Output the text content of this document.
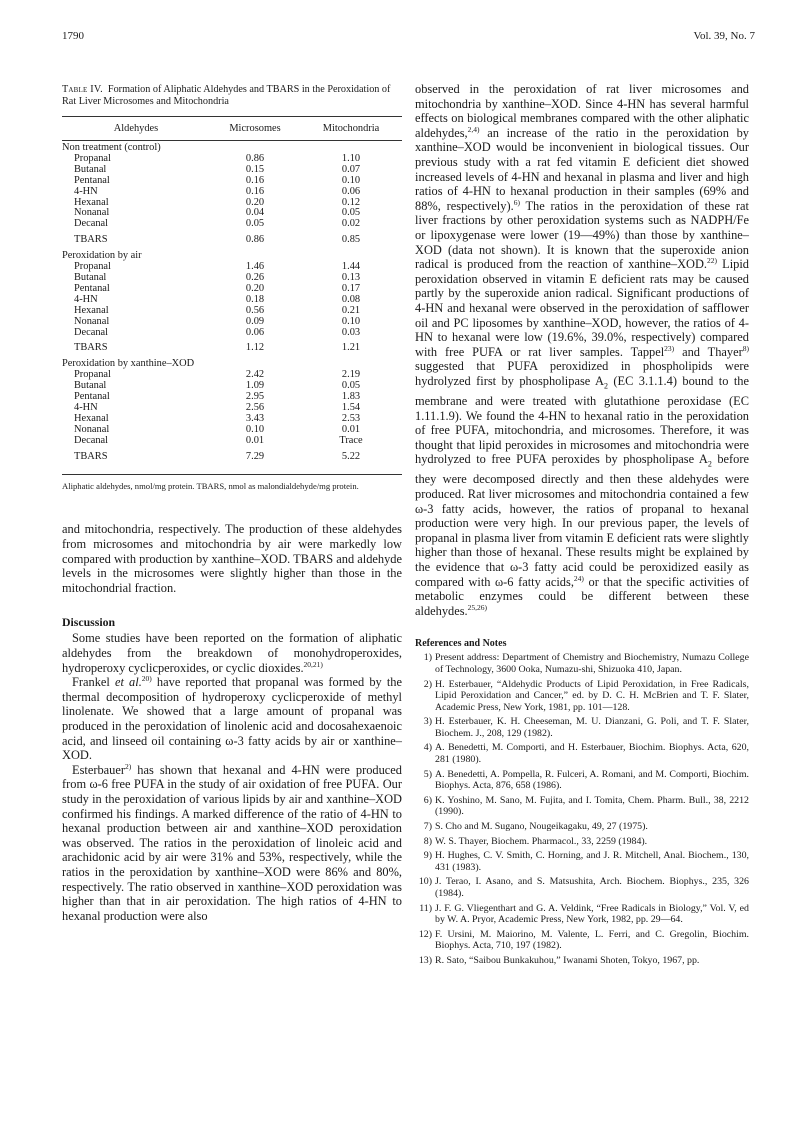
1790	Vol. 39, No. 7

Table IV. Formation of Aliphatic Aldehydes and TBARS in the Peroxidation of Rat Liver Microsomes and Mitochondria

Aldehydes	Microsomes	Mitochondria
Non treatment (control)		
Propanal	0.86	1.10
Butanal	0.15	0.07
Pentanal	0.16	0.10
4-HN	0.16	0.06
Hexanal	0.20	0.12
Nonanal	0.04	0.05
Decanal	0.05	0.02
TBARS	0.86	0.85
Peroxidation by air		
Propanal	1.46	1.44
Butanal	0.26	0.13
Pentanal	0.20	0.17
4-HN	0.18	0.08
Hexanal	0.56	0.21
Nonanal	0.09	0.10
Decanal	0.06	0.03
TBARS	1.12	1.21
Peroxidation by xanthine–XOD		
Propanal	2.42	2.19
Butanal	1.09	0.05
Pentanal	2.95	1.83
4-HN	2.56	1.54
Hexanal	3.43	2.53
Nonanal	0.10	0.01
Decanal	0.01	Trace
TBARS	7.29	5.22
Aliphatic aldehydes, nmol/mg protein. TBARS, nmol as malondialdehyde/mg protein.

and mitochondria, respectively. The production of these aldehydes from microsomes and mitochondria by air were markedly low compared with production by xanthine–XOD. TBARS and aldehyde levels in the microsomes were slightly higher than those in the mitochondrial fraction.

Discussion

Some studies have been reported on the formation of aliphatic aldehydes from the breakdown of monohydroperoxides, hydroperoxy cyclicperoxides, or cyclic dioxides.$^{20,21)}$

Frankel et al.$^{20)}$ have reported that propanal was formed by the thermal decomposition of hydroperoxy cyclicperoxide of methyl linolenate. We showed that a large amount of propanal was produced in the peroxidation of linolenic acid and docosahexaenoic acid, and linseed oil containing ω-3 fatty acids by air or xanthine–XOD.

Esterbauer$^{2)}$ has shown that hexanal and 4-HN were produced from ω-6 free PUFA in the study of air oxidation of free PUFA. Our study in the peroxidation of various lipids by air and xanthine–XOD confirmed his findings. A marked difference of the ratio of 4-HN to hexanal production between air and xanthine–XOD peroxidation was observed. The ratios in the peroxidation of linoleic acid and arachidonic acid by air were 31% and 53%, respectively, while the ratios in the peroxidation by xanthine–XOD were 86% and 80%, respectively. The ratio observed in xanthine–XOD peroxidation was higher than that in air peroxidation. The high ratios of 4-HN to hexanal production were also

observed in the peroxidation of rat liver microsomes and mitochondria by xanthine–XOD. Since 4-HN has several harmful effects on biological membranes compared with the other aliphatic aldehydes,$^{2,4)}$ an increase of the ratio in the peroxidation by xanthine–XOD would be inconvenient in biological tissues. Our previous study with a rat fed vitamin E deficient diet showed increased levels of 4-HN and hexanal in plasma and liver and high ratios of 4-HN to hexanal production in their samples (69% and 88%, respectively).$^{6)}$ The ratios in the peroxidation of these rat liver fractions by other peroxidation systems such as NADPH/Fe or lipoxygenase were lower (19—49%) than those by xanthine–XOD (data not shown). It is known that the superoxide anion radical is produced from the reaction of xanthine–XOD.$^{22)}$ Lipid peroxidation observed in vitamin E deficient rats may be caused partly by the superoxide anion radical. Significant productions of 4-HN and hexanal were observed in the peroxidation of safflower oil and PC liposomes by xanthine–XOD, however, the ratios of 4-HN to hexanal were low (19.6%, 39.0%, respectively) compared with free PUFA or rat liver samples. Tappel$^{23)}$ and Thayer$^{8)}$ suggested that PUFA peroxidized in phospholipids were hydrolyzed first by phospholipase $A_2$ (EC 3.1.1.4) bound to the membrane and were treated with glutathione peroxidase (EC 1.11.1.9). We found the 4-HN to hexanal ratio in the peroxidation of free PUFA, mitochondria, and microsomes. Therefore, it was thought that lipid peroxides in microsomes and mitochondria were hydrolyzed to free PUFA peroxides by phospholipase $A_2$ before they were decomposed directly and then these aldehydes were produced. Rat liver microsomes and mitochondria contained a few ω-3 fatty acids, however, the ratios of propanal to hexanal production were very high. In our previous paper, the levels of propanal in plasma liver from vitamin E deficient rats were slightly higher than those of hexanal. These results might be explained by the evidence that ω-3 fatty acid could be peroxidized easily as compared with ω-6 fatty acids,$^{24)}$ or that the specific activities of metabolic enzymes could be different between these aldehydes.$^{25,26)}$

References and Notes
1) Present address: Department of Chemistry and Biochemistry, Numazu College of Technology, 3600 Ooka, Numazu-shi, Shizuoka 410, Japan.
2) H. Esterbauer, “Aldehydic Products of Lipid Peroxidation, in Free Radicals, Lipid Peroxidation and Cancer,” ed. by D. C. H. McBrien and T. F. Slater, Academic Press, New York, 1981, pp. 101—128.
3) H. Esterbauer, K. H. Cheeseman, M. U. Dianzani, G. Poli, and T. F. Slater, Biochem. J., 208, 129 (1982).
4) A. Benedetti, M. Comporti, and H. Esterbauer, Biochim. Biophys. Acta, 620, 281 (1980).
5) A. Benedetti, A. Pompella, R. Fulceri, A. Romani, and M. Comporti, Biochim. Biophys. Acta, 876, 658 (1986).
6) K. Yoshino, M. Sano, M. Fujita, and I. Tomita, Chem. Pharm. Bull., 38, 2212 (1990).
7) S. Cho and M. Sugano, Nougeikagaku, 49, 27 (1975).
8) W. S. Thayer, Biochem. Pharmacol., 33, 2259 (1984).
9) H. Hughes, C. V. Smith, C. Horning, and J. R. Mitchell, Anal. Biochem., 130, 431 (1983).
10) J. Terao, I. Asano, and S. Matsushita, Arch. Biochem. Biophys., 235, 326 (1984).
11) J. F. G. Vliegenthart and G. A. Veldink, “Free Radicals in Biology,” Vol. V, ed by W. A. Pryor, Academic Press, New York, 1982, pp. 29—64.
12) F. Ursini, M. Maiorino, M. Valente, L. Ferri, and C. Gregolin, Biochim. Biophys. Acta, 710, 197 (1982).
13) R. Sato, “Saibou Bunkakuhou,” Iwanami Shoten, Tokyo, 1967, pp.
